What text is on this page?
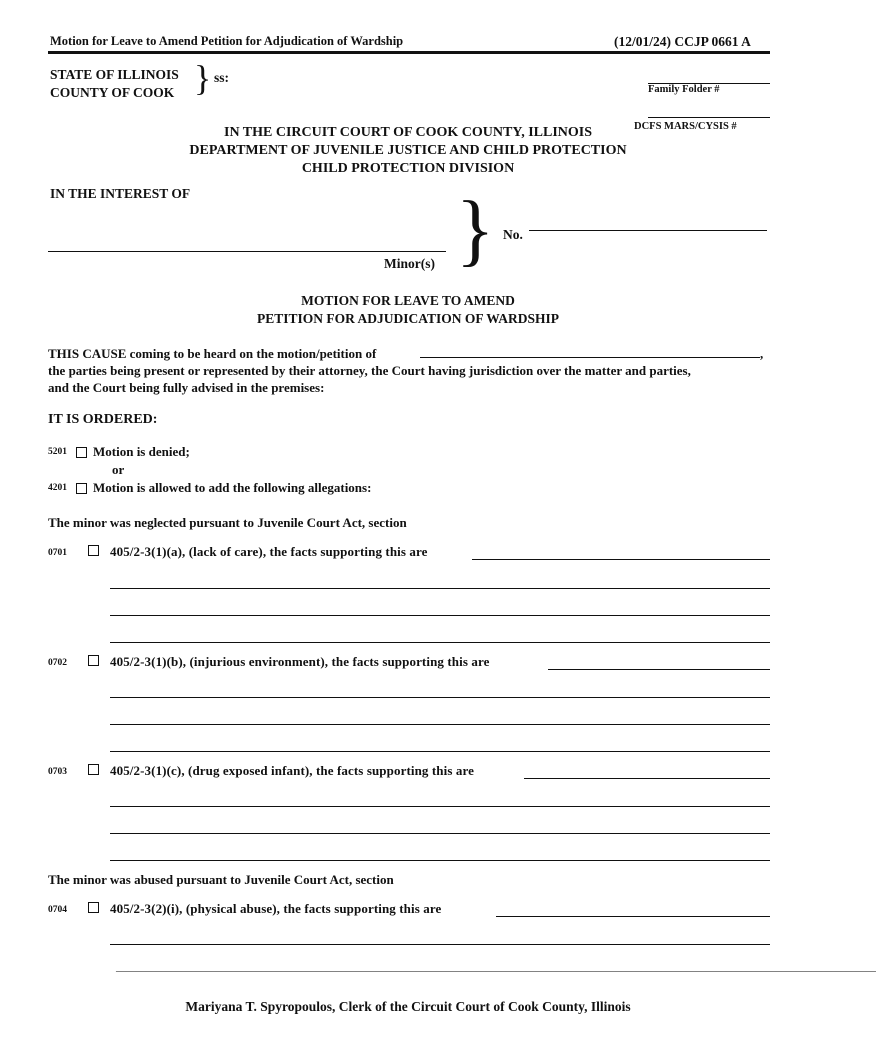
Motion for Leave to Amend Petition for Adjudication of Wardship	(12/01/24) CCJP 0661 A
STATE OF ILLINOIS
COUNTY OF COOK } ss:
Family Folder #
DCFS MARS/CYSIS #
IN THE CIRCUIT COURT OF COOK COUNTY, ILLINOIS
DEPARTMENT OF JUVENILE JUSTICE AND CHILD PROTECTION
CHILD PROTECTION DIVISION
IN THE INTEREST OF
Minor(s) } No.
MOTION FOR LEAVE TO AMEND
PETITION FOR ADJUDICATION OF WARDSHIP
THIS CAUSE coming to be heard on the motion/petition of	,
the parties being present or represented by their attorney, the Court having jurisdiction over the matter and parties,
and the Court being fully advised in the premises:
IT IS ORDERED:
5201	Motion is denied;
or
4201	Motion is allowed to add the following allegations:
The minor was neglected pursuant to Juvenile Court Act, section
0701	405/2-3(1)(a), (lack of care), the facts supporting this are
0702	405/2-3(1)(b), (injurious environment), the facts supporting this are
0703	405/2-3(1)(c), (drug exposed infant), the facts supporting this are
The minor was abused pursuant to Juvenile Court Act, section
0704	405/2-3(2)(i), (physical abuse), the facts supporting this are
________________________________________________________________________________________________________________________________________________________
Mariyana T. Spyropoulos, Clerk of the Circuit Court of Cook County, Illinois
